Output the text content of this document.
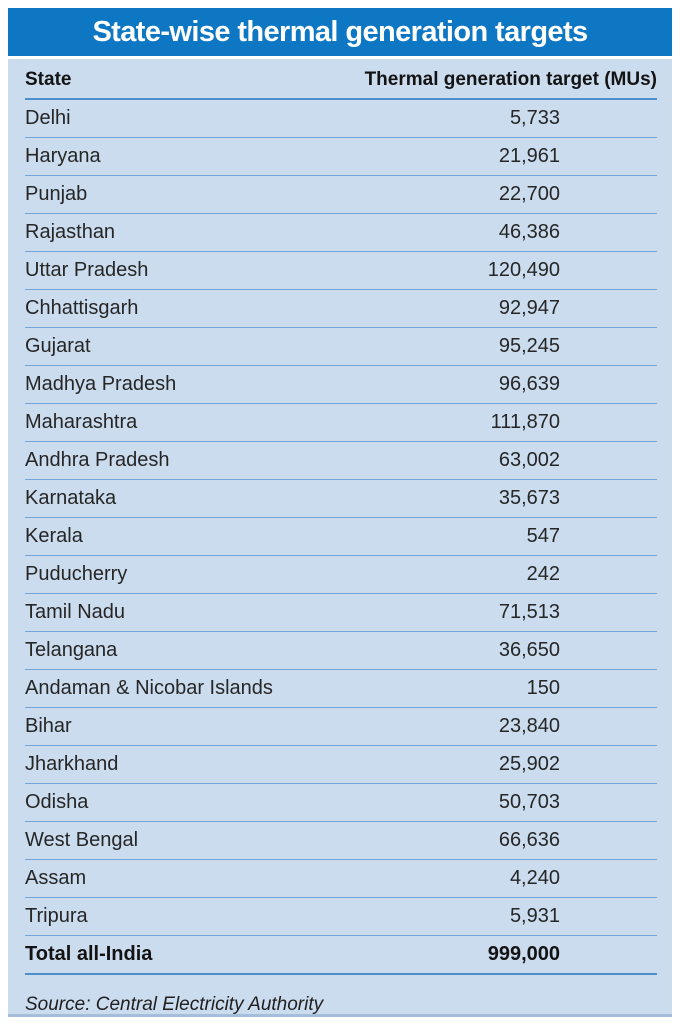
State-wise thermal generation targets
State	Thermal generation target (MUs)
Delhi	5,733
Haryana	21,961
Punjab	22,700
Rajasthan	46,386
Uttar Pradesh	120,490
Chhattisgarh	92,947
Gujarat	95,245
Madhya Pradesh	96,639
Maharashtra	111,870
Andhra Pradesh	63,002
Karnataka	35,673
Kerala	547
Puducherry	242
Tamil Nadu	71,513
Telangana	36,650
Andaman & Nicobar Islands	150
Bihar	23,840
Jharkhand	25,902
Odisha	50,703
West Bengal	66,636
Assam	4,240
Tripura	5,931
Total all-India	999,000
Source: Central Electricity Authority
